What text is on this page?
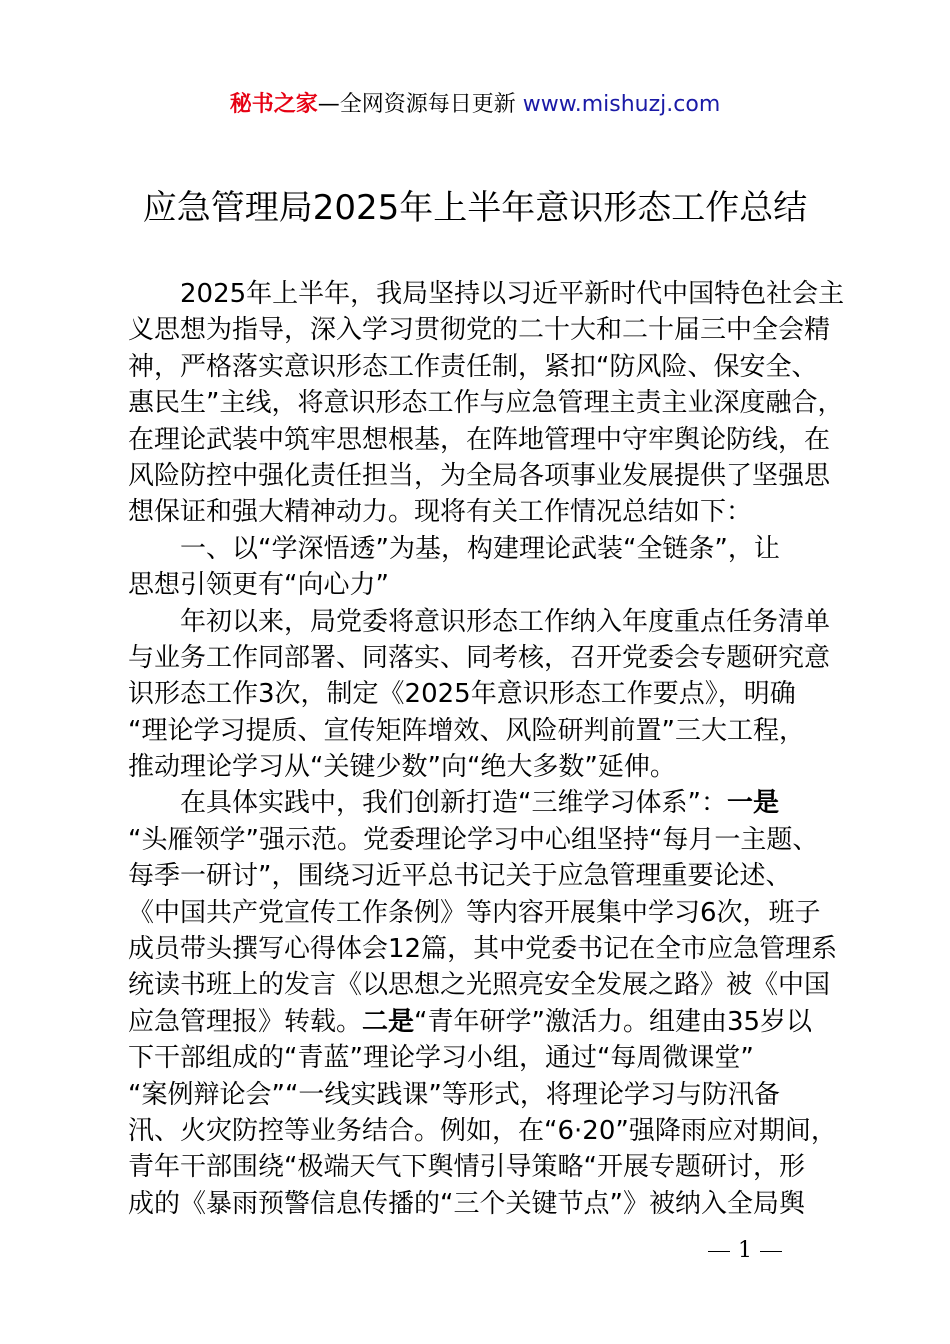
秘书之家—全网资源每日更新 www.mishuzj.com
应急管理局2025年上半年意识形态工作总结
2025年上半年，我局坚持以习近平新时代中国特色社会主
义思想为指导，深入学习贯彻党的二十大和二十届三中全会精
神，严格落实意识形态工作责任制，紧扣“防风险、保安全、
惠民生”主线，将意识形态工作与应急管理主责主业深度融合，
在理论武装中筑牢思想根基，在阵地管理中守牢舆论防线，在
风险防控中强化责任担当，为全局各项事业发展提供了坚强思
想保证和强大精神动力。现将有关工作情况总结如下：
一、以“学深悟透”为基，构建理论武装“全链条”，让
思想引领更有“向心力”
年初以来，局党委将意识形态工作纳入年度重点任务清单
与业务工作同部署、同落实、同考核，召开党委会专题研究意
识形态工作3次，制定《2025年意识形态工作要点》，明确
“理论学习提质、宣传矩阵增效、风险研判前置”三大工程，
推动理论学习从“关键少数”向“绝大多数”延伸。
在具体实践中，我们创新打造“三维学习体系”：一是
“头雁领学”强示范。党委理论学习中心组坚持“每月一主题、
每季一研讨”，围绕习近平总书记关于应急管理重要论述、
《中国共产党宣传工作条例》等内容开展集中学习6次，班子
成员带头撰写心得体会12篇，其中党委书记在全市应急管理系
统读书班上的发言《以思想之光照亮安全发展之路》被《中国
应急管理报》转载。二是“青年研学”激活力。组建由35岁以
下干部组成的“青蓝”理论学习小组，通过“每周微课堂”
“案例辩论会”“一线实践课”等形式，将理论学习与防汛备
汛、火灾防控等业务结合。例如，在“6·20”强降雨应对期间，
青年干部围绕“极端天气下舆情引导策略“开展专题研讨，形
成的《暴雨预警信息传播的“三个关键节点”》被纳入全局舆
1
